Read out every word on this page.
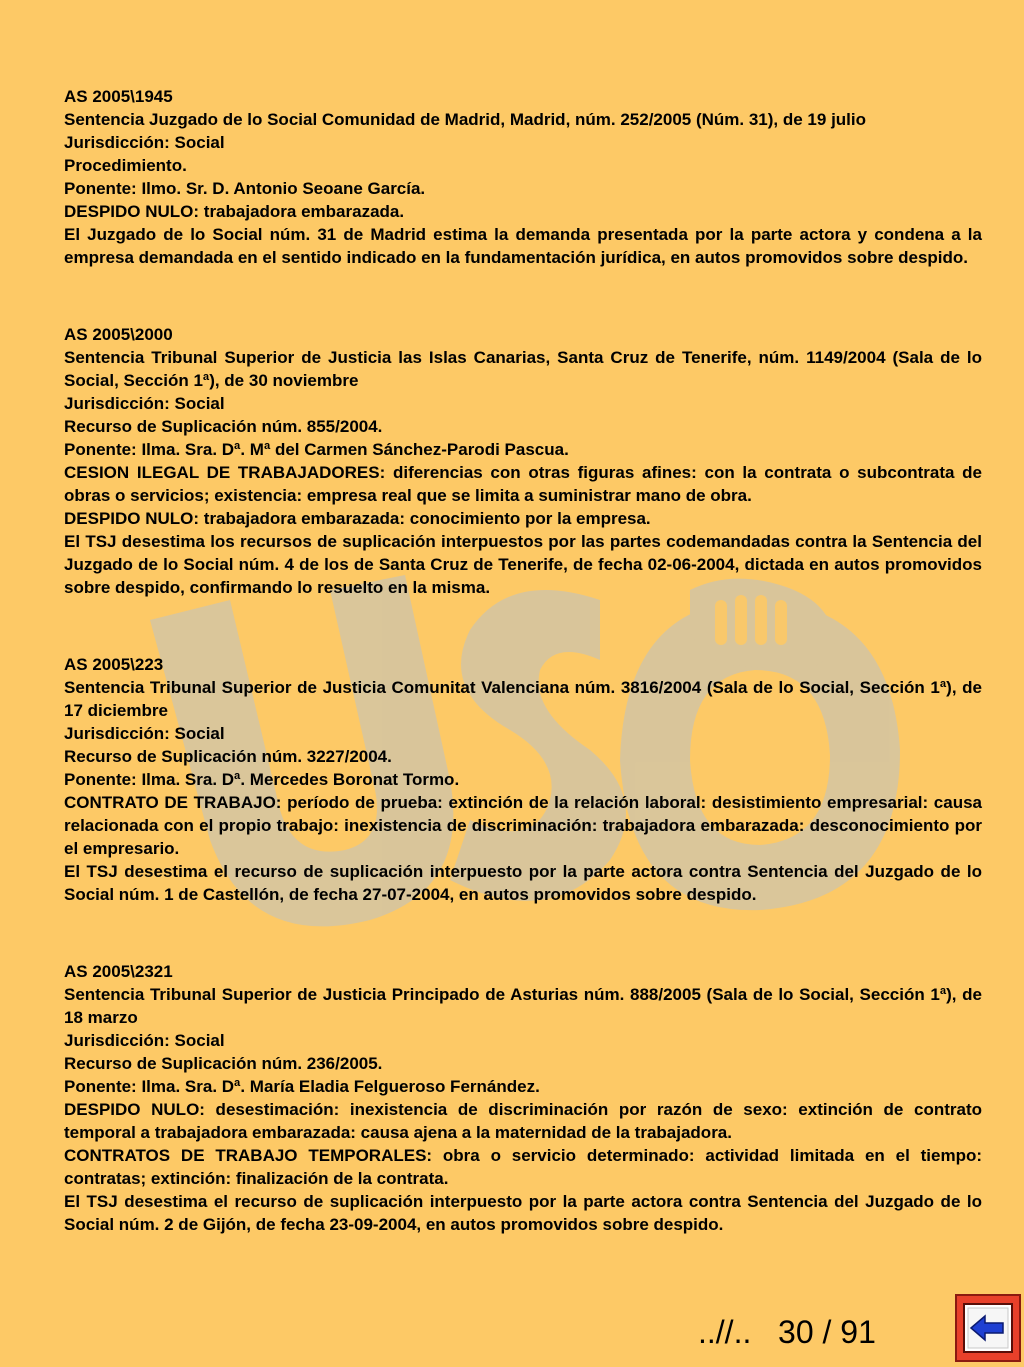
AS 2005\1945

Sentencia Juzgado de lo Social Comunidad de Madrid, Madrid, núm. 252/2005 (Núm. 31), de 19 julio

Jurisdicción: Social

Procedimiento.

Ponente: Ilmo. Sr. D. Antonio Seoane García.

DESPIDO NULO: trabajadora embarazada.

El Juzgado de lo Social núm. 31 de Madrid estima la demanda presentada por la parte actora y condena a la empresa demandada en el sentido indicado en la fundamentación jurídica, en autos promovidos sobre despido.

AS 2005\2000

Sentencia Tribunal Superior de Justicia las Islas Canarias, Santa Cruz de Tenerife, núm. 1149/2004 (Sala de lo Social, Sección 1ª), de 30 noviembre

Jurisdicción: Social

Recurso de Suplicación núm. 855/2004.

Ponente: Ilma. Sra. Dª. Mª del Carmen Sánchez-Parodi Pascua.

CESION ILEGAL DE TRABAJADORES: diferencias con otras figuras afines: con la contrata o subcontrata de obras o servicios; existencia: empresa real que se limita a suministrar mano de obra.

DESPIDO NULO: trabajadora embarazada: conocimiento por la empresa.

El TSJ desestima los recursos de suplicación interpuestos por las partes codemandadas contra la Sentencia del Juzgado de lo Social núm. 4 de los de Santa Cruz de Tenerife, de fecha 02-06-2004, dictada en autos promovidos sobre despido, confirmando lo resuelto en la misma.

AS 2005\223

Sentencia Tribunal Superior de Justicia Comunitat Valenciana núm. 3816/2004 (Sala de lo Social, Sección 1ª), de 17 diciembre

Jurisdicción: Social

Recurso de Suplicación núm. 3227/2004.

Ponente: Ilma. Sra. Dª. Mercedes Boronat Tormo.

CONTRATO DE TRABAJO: período de prueba: extinción de la relación laboral: desistimiento empresarial: causa relacionada con el propio trabajo: inexistencia de discriminación: trabajadora embarazada: desconocimiento por el empresario.

El TSJ desestima el recurso de suplicación interpuesto por la parte actora contra Sentencia del Juzgado de lo Social núm. 1 de Castellón, de fecha 27-07-2004, en autos promovidos sobre despido.

AS 2005\2321

Sentencia Tribunal Superior de Justicia Principado de Asturias núm. 888/2005 (Sala de lo Social, Sección 1ª), de 18 marzo

Jurisdicción: Social

Recurso de Suplicación núm. 236/2005.

Ponente: Ilma. Sra. Dª. María Eladia Felgueroso Fernández.

DESPIDO NULO: desestimación: inexistencia de discriminación por razón de sexo: extinción de contrato temporal a trabajadora embarazada: causa ajena a la maternidad de la trabajadora.

CONTRATOS DE TRABAJO TEMPORALES: obra o servicio determinado: actividad limitada en el tiempo: contratas; extinción: finalización de la contrata.

El TSJ desestima el recurso de suplicación interpuesto por la parte actora contra Sentencia del Juzgado de lo Social núm. 2 de Gijón, de fecha 23-09-2004, en autos promovidos sobre despido.

..//.. 30 / 91
